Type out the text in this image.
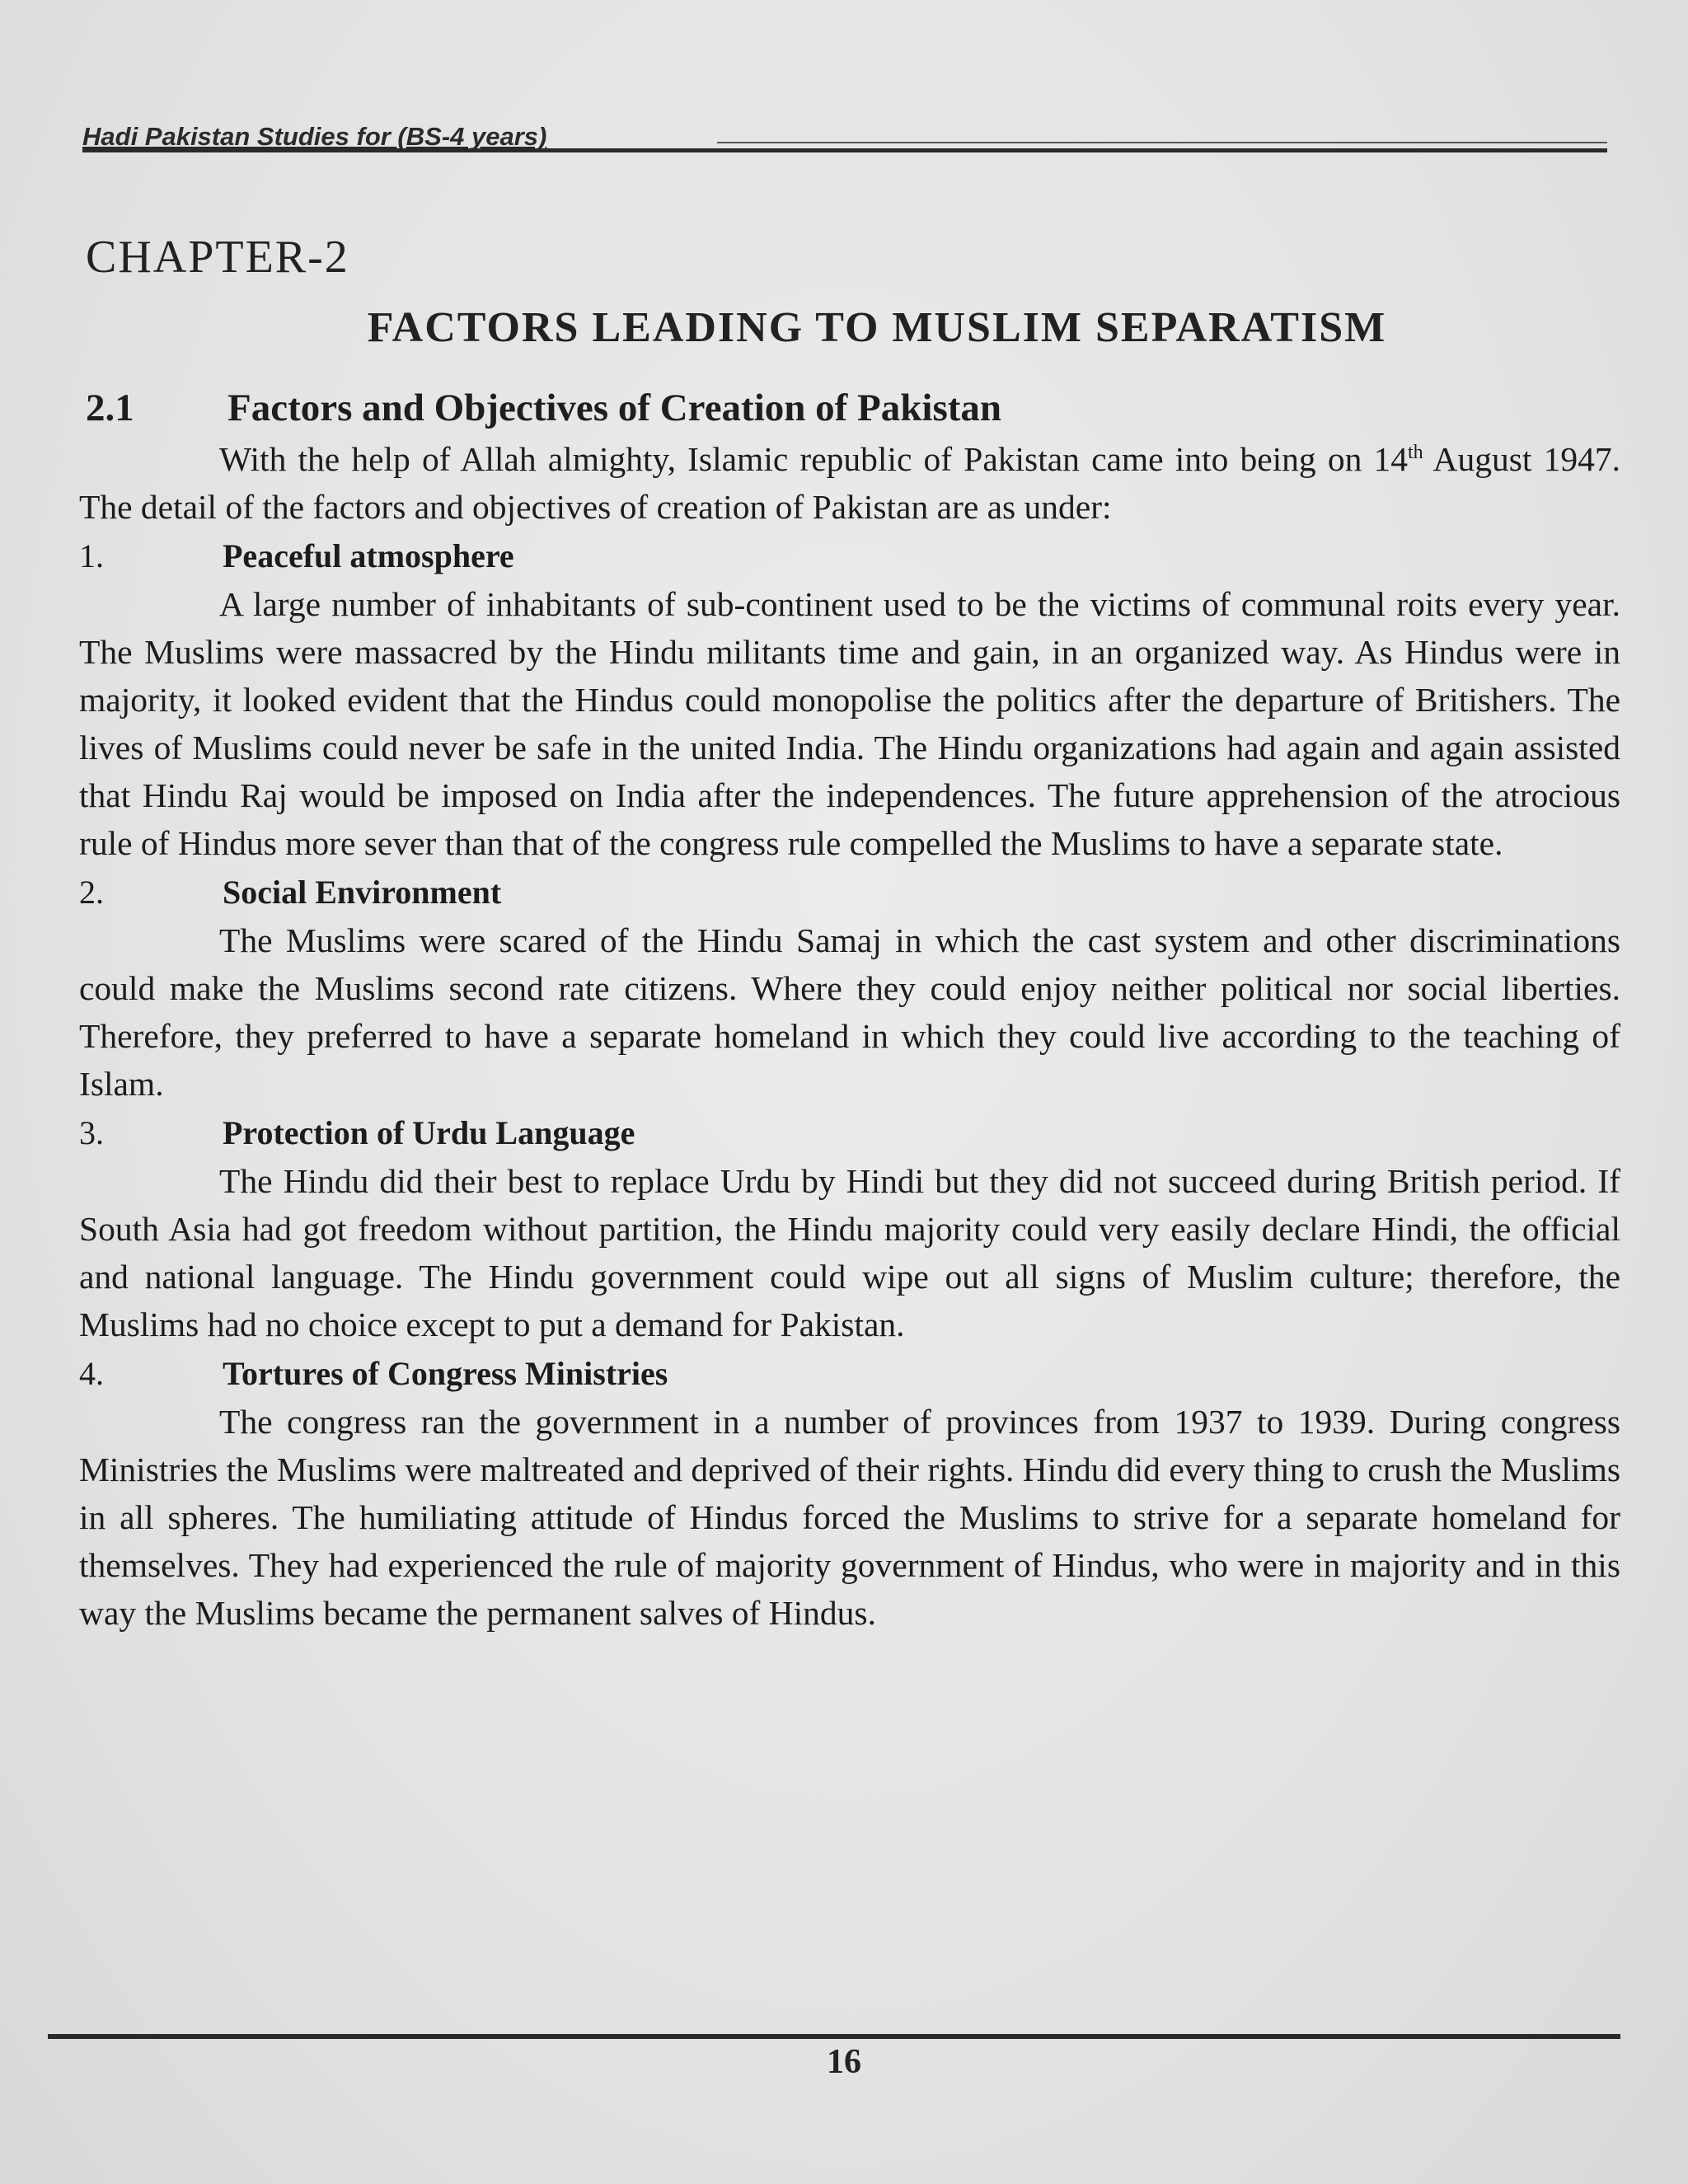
Hadi Pakistan Studies for (BS-4 years)
CHAPTER-2
FACTORS LEADING TO MUSLIM SEPARATISM
2.1 Factors and Objectives of Creation of Pakistan

With the help of Allah almighty, Islamic republic of Pakistan came into being on 14th August 1947. The detail of the factors and objectives of creation of Pakistan are as under:

1.	Peaceful atmosphere

A large number of inhabitants of sub-continent used to be the victims of communal roits every year. The Muslims were massacred by the Hindu militants time and gain, in an organized way. As Hindus were in majority, it looked evident that the Hindus could monopolise the politics after the departure of Britishers. The lives of Muslims could never be safe in the united India. The Hindu organizations had again and again assisted that Hindu Raj would be imposed on India after the independences. The future apprehension of the atrocious rule of Hindus more sever than that of the congress rule compelled the Muslims to have a separate state.

2.	Social Environment

The Muslims were scared of the Hindu Samaj in which the cast system and other discriminations could make the Muslims second rate citizens. Where they could enjoy neither political nor social liberties. Therefore, they preferred to have a separate homeland in which they could live according to the teaching of Islam.

3.	Protection of Urdu Language

The Hindu did their best to replace Urdu by Hindi but they did not succeed during British period. If South Asia had got freedom without partition, the Hindu majority could very easily declare Hindi, the official and national language. The Hindu government could wipe out all signs of Muslim culture; therefore, the Muslims had no choice except to put a demand for Pakistan.

4.	Tortures of Congress Ministries

The congress ran the government in a number of provinces from 1937 to 1939. During congress Ministries the Muslims were maltreated and deprived of their rights. Hindu did every thing to crush the Muslims in all spheres. The humiliating attitude of Hindus forced the Muslims to strive for a separate homeland for themselves. They had experienced the rule of majority government of Hindus, who were in majority and in this way the Muslims became the permanent salves of Hindus.

16
